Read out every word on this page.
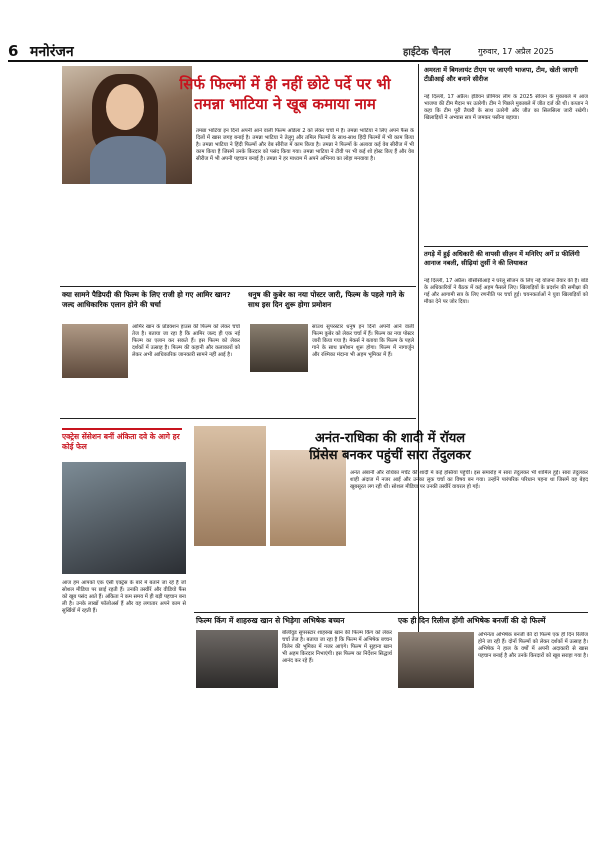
6 मनोरंजन	हाईटेक चैनल	गुरुवार, 17 अप्रैल 2025
सिर्फ फिल्मों में ही नहीं छोटे पर्दे पर भी
तमन्ना भाटिया ने खूब कमाया नाम
तमन्ना भाटिया इन दिनों अपनी आने वाली फिल्म ओडेला 2 को लेकर चर्चा में हैं। तमन्ना भाटिया ने लिए अपने फैंस के दिलों में खास जगह बनाई है। तमन्ना भाटिया ने तेलुगु और तमिल फिल्मों के साथ-साथ हिंदी फिल्मों में भी काम किया है। तमन्ना भाटिया ने हिंदी फिल्मों और वेब सीरीज में काम किया है। तमन्ना ने फिल्मों के अलावा कई वेब सीरीज में भी काम किया है जिसमें उनके किरदार को पसंद किया गया। तमन्ना भाटिया ने टीवी पर भी कई शो होस्ट किए हैं और वेब सीरीज में भी अपनी पहचान बनाई है। तमन्ना ने हर माध्यम में अपने अभिनय का लोहा मनवाया है।
अमरता में बिगलायंट टीएम पर जाएगी भाजपा, टीम, खेती जाएगी टीडीआई और बनाने सीरीज
नई दिल्ली, 17 अप्रैल। इंडियन प्रीमियर लीग के 2025 सीजन के मुकाबले में आज भाजपा की टीम मैदान पर उतरेगी। टीम ने पिछले मुकाबले में जीत दर्ज की थी। कप्तान ने कहा कि टीम पूरी तैयारी के साथ उतरेगी और जीत का सिलसिला जारी रखेगी। खिलाड़ियों ने अभ्यास सत्र में जमकर पसीना बहाया।
तगड़े में हुई अधिकारी की वापसी सीज़न में मनिरिए अर्गे प्र फीलिंगी आनाज नबली, सीढ़ियां तुर्सी ने की लियाकत
नई दिल्ली, 17 अप्रैल। बीसीसीआई ने घरेलू सीजन के लिए नई योजना तैयार की है। बोर्ड के अधिकारियों ने बैठक में कई अहम फैसले लिए। खिलाड़ियों के प्रदर्शन की समीक्षा की गई और आगामी सत्र के लिए रणनीति पर चर्चा हुई। चयनकर्ताओं ने युवा खिलाड़ियों को मौका देने पर जोर दिया।
क्या सामने पैडिपदी की फिल्म के लिए राजी हो गए आमिर खान? जल्द आधिकारिक एलान होने की चर्चा
आमिर खान के प्रोडक्शन हाउस की फिल्म को लेकर चर्चा तेज है। बताया जा रहा है कि आमिर जल्द ही एक नई फिल्म का एलान कर सकते हैं। इस फिल्म को लेकर दर्शकों में उत्साह है। फिल्म की कहानी और कलाकारों को लेकर अभी आधिकारिक जानकारी सामने नहीं आई है।
धनुष की कुबेर का नया पोस्टर जारी, फिल्म के पहले गाने के साथ इस दिन शुरू होगा प्रमोशन
साउथ सुपरस्टार धनुष इन दिनों अपनी आने वाली फिल्म कुबेर को लेकर चर्चा में हैं। फिल्म का नया पोस्टर जारी किया गया है। मेकर्स ने बताया कि फिल्म के पहले गाने के साथ प्रमोशन शुरू होगा। फिल्म में नागार्जुन और रश्मिका मंदाना भी अहम भूमिका में हैं।
एक्ट्रेस सेंसेशन बनीं अंकिता दवे के आगे हर कोई फेल
आज हम आपको एक ऐसी एक्ट्रेस के बारे में बताने जा रहे हैं जो सोशल मीडिया पर छाई रहती हैं। उनकी तस्वीरें और वीडियो फैंस को खूब पसंद आते हैं। अंकिता ने कम समय में ही बड़ी पहचान बना ली है। उनके लाखों फॉलोअर्स हैं और वह लगातार अपने काम से सुर्खियों में रहती हैं।
अनंत-राधिका की शादी में रॉयल
प्रिंसेस बनकर पहुंचीं सारा तेंदुलकर
अनंत अंबानी और राधिका मर्चेंट की शादी में कई हस्तियां पहुंचीं। इस समारोह में सारा तेंदुलकर भी शामिल हुईं। सारा तेंदुलकर शाही अंदाज में नजर आईं और उनका लुक चर्चा का विषय बन गया। उन्होंने पारंपरिक परिधान पहना था जिसमें वह बेहद खूबसूरत लग रही थीं। सोशल मीडिया पर उनकी तस्वीरें वायरल हो गईं।
फिल्म किंग में शाहरुख खान से भिड़ेगा अभिषेक बच्चन
बॉलीवुड सुपरस्टार शाहरुख खान की फिल्म किंग को लेकर चर्चा तेज है। बताया जा रहा है कि फिल्म में अभिषेक बच्चन विलेन की भूमिका में नजर आएंगे। फिल्म में सुहाना खान भी अहम किरदार निभाएंगी। इस फिल्म का निर्देशन सिद्धार्थ आनंद कर रहे हैं।
एक ही दिन रिलीज होंगी अभिषेक बनर्जी की दो फिल्में
अभिनेता अभिषेक बनर्जी की दो फिल्में एक ही दिन रिलीज होने जा रही हैं। दोनों फिल्मों को लेकर दर्शकों में उत्साह है। अभिषेक ने हाल के वर्षों में अपनी अदाकारी से खास पहचान बनाई है और उनके किरदारों को खूब सराहा गया है।
